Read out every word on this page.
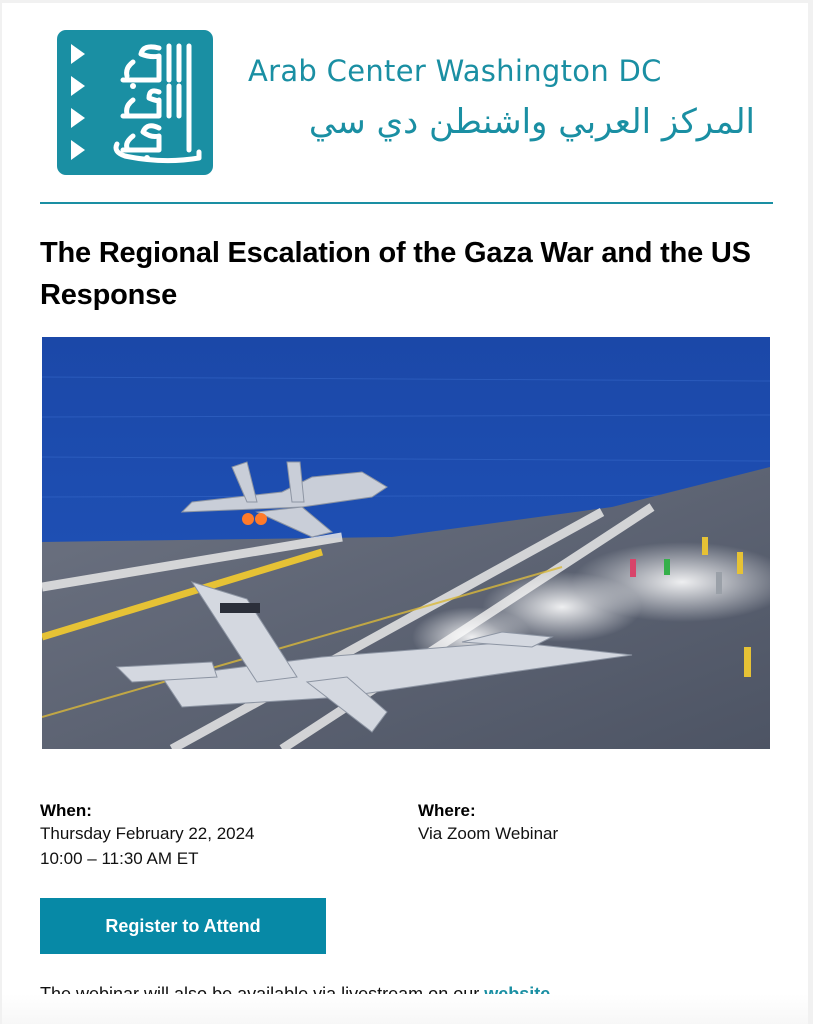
Arab Center Washington DC
المركز العربي واشنطن دي سي
The Regional Escalation of the Gaza War and the US Response
When:
Thursday February 22, 2024
10:00 – 11:30 AM ET
Where:
Via Zoom Webinar
Register to Attend
